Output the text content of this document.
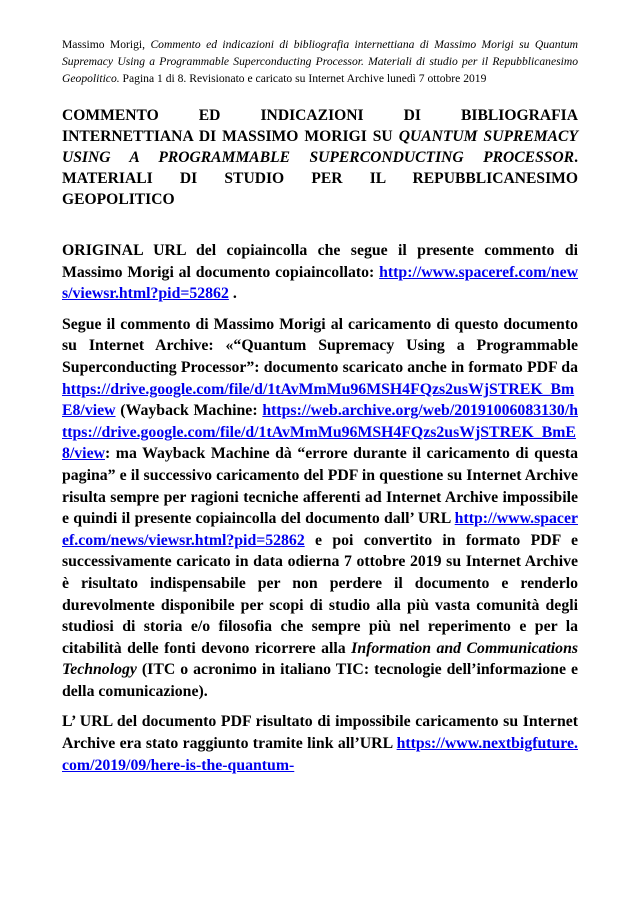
Massimo Morigi, Commento ed indicazioni di bibliografia internettiana di Massimo Morigi su Quantum Supremacy Using a Programmable Superconducting Processor. Materiali di studio per il Repubblicanesimo Geopolitico. Pagina 1 di 8. Revisionato e caricato su Internet Archive lunedì 7 ottobre 2019

COMMENTO ED INDICAZIONI DI BIBLIOGRAFIA INTERNETTIANA DI MASSIMO MORIGI SU QUANTUM SUPREMACY USING A PROGRAMMABLE SUPERCONDUCTING PROCESSOR. MATERIALI DI STUDIO PER IL REPUBBLICANESIMO GEOPOLITICO

ORIGINAL URL del copiaincolla che segue il presente commento di Massimo Morigi al documento copiaincollato: http://www.spaceref.com/news/viewsr.html?pid=52862 .

Segue il commento di Massimo Morigi al caricamento di questo documento su Internet Archive: «“Quantum Supremacy Using a Programmable Superconducting Processor”: documento scaricato anche in formato PDF da https://drive.google.com/file/d/1tAvMmMu96MSH4FQzs2usWjSTREK_BmE8/view (Wayback Machine: https://web.archive.org/web/20191006083130/https://drive.google.com/file/d/1tAvMmMu96MSH4FQzs2usWjSTREK_BmE8/view: ma Wayback Machine dà “errore durante il caricamento di questa pagina” e il successivo caricamento del PDF in questione su Internet Archive risulta sempre per ragioni tecniche afferenti ad Internet Archive impossibile e quindi il presente copiaincolla del documento dall’ URL http://www.spaceref.com/news/viewsr.html?pid=52862 e poi convertito in formato PDF e successivamente caricato in data odierna 7 ottobre 2019 su Internet Archive è risultato indispensabile per non perdere il documento e renderlo durevolmente disponibile per scopi di studio alla più vasta comunità degli studiosi di storia e/o filosofia che sempre più nel reperimento e per la citabilità delle fonti devono ricorrere alla Information and Communications Technology (ITC o acronimo in italiano TIC: tecnologie dell’informazione e della comunicazione).

L’ URL del documento PDF risultato di impossibile caricamento su Internet Archive era stato raggiunto tramite link all’URL https://www.nextbigfuture.com/2019/09/here-is-the-quantum-
